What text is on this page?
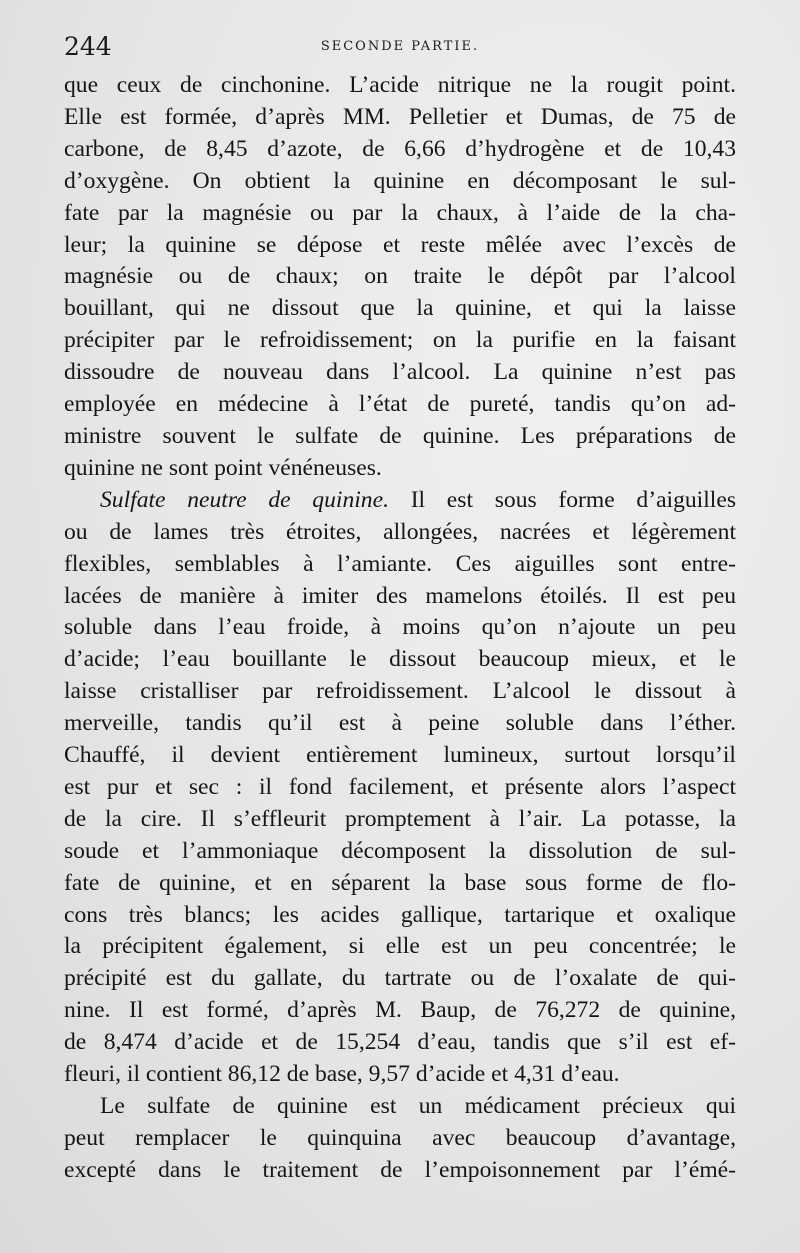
244	SECONDE PARTIE.
que ceux de cinchonine. L’acide nitrique ne la rougit point.
Elle est formée, d’après MM. Pelletier et Dumas, de 75 de
carbone, de 8,45 d’azote, de 6,66 d’hydrogène et de 10,43
d’oxygène. On obtient la quinine en décomposant le sul-
fate par la magnésie ou par la chaux, à l’aide de la cha-
leur; la quinine se dépose et reste mêlée avec l’excès de
magnésie ou de chaux; on traite le dépôt par l’alcool
bouillant, qui ne dissout que la quinine, et qui la laisse
précipiter par le refroidissement; on la purifie en la faisant
dissoudre de nouveau dans l’alcool. La quinine n’est pas
employée en médecine à l’état de pureté, tandis qu’on ad-
ministre souvent le sulfate de quinine. Les préparations de
quinine ne sont point vénéneuses.
Sulfate neutre de quinine. Il est sous forme d’aiguilles
ou de lames très étroites, allongées, nacrées et légèrement
flexibles, semblables à l’amiante. Ces aiguilles sont entre-
lacées de manière à imiter des mamelons étoilés. Il est peu
soluble dans l’eau froide, à moins qu’on n’ajoute un peu
d’acide; l’eau bouillante le dissout beaucoup mieux, et le
laisse cristalliser par refroidissement. L’alcool le dissout à
merveille, tandis qu’il est à peine soluble dans l’éther.
Chauffé, il devient entièrement lumineux, surtout lorsqu’il
est pur et sec : il fond facilement, et présente alors l’aspect
de la cire. Il s’effleurit promptement à l’air. La potasse, la
soude et l’ammoniaque décomposent la dissolution de sul-
fate de quinine, et en séparent la base sous forme de flo-
cons très blancs; les acides gallique, tartarique et oxalique
la précipitent également, si elle est un peu concentrée; le
précipité est du gallate, du tartrate ou de l’oxalate de qui-
nine. Il est formé, d’après M. Baup, de 76,272 de quinine,
de 8,474 d’acide et de 15,254 d’eau, tandis que s’il est ef-
fleuri, il contient 86,12 de base, 9,57 d’acide et 4,31 d’eau.
Le sulfate de quinine est un médicament précieux qui
peut remplacer le quinquina avec beaucoup d’avantage,
excepté dans le traitement de l’empoisonnement par l’émé-
